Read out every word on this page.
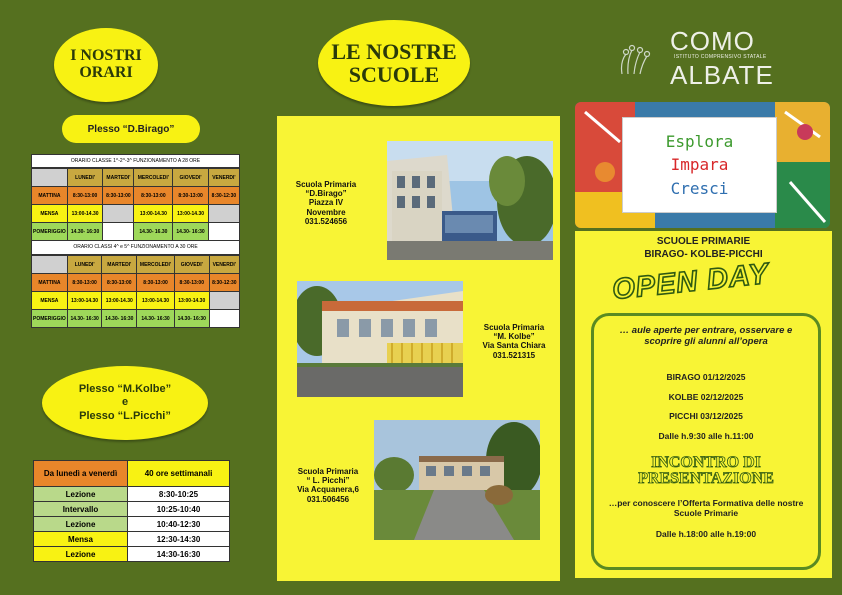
I NOSTRI
ORARI
Plesso “D.Birago”
ORARIO CLASSE 1^-2^-3^ FUNZIONAMENTO A 28 ORE
	LUNEDI'	MARTEDI'	MERCOLEDI'	GIOVEDI'	VENERDI'
MATTINA	8:30-13:00	8:30-13:00	8:30-13:00	8:30-13:00	8:30-12:30
MENSA	13:00-14.30		13:00-14.30	13:00-14.30	
POMERIGGIO	14.30- 16:30		14.30- 16.30	14.30- 16:30	
ORARIO CLASSI 4^ e 5^ FUNZIONAMENTO A 30 ORE
	LUNEDI'	MARTEDI'	MERCOLEDI'	GIOVEDI'	VENERDI'
MATTINA	8:30-13:00	8:30-13:00	8:30-13:00	8:30-13:00	8:30-12:30
MENSA	13:00-14.30	13:00-14.30	13:00-14.30	13:00-14.30	
POMERIGGIO	14.30- 16:30	14.30- 16:30	14.30- 16:30	14.30- 16:30	
Plesso “M.Kolbe”
e
Plesso “L.Picchi”
Da lunedì a venerdì	40 ore settimanali
Lezione	8:30-10:25
Intervallo	10:25-10:40
Lezione	10:40-12:30
Mensa	12:30-14:30
Lezione	14:30-16:30
LE NOSTRE
SCUOLE
Scuola Primaria
“D.Birago”
Piazza IV
Novembre
031.524656
Scuola Primaria
“M. Kolbe”
Via Santa Chiara
031.521315
Scuola Primaria
“ L. Picchi”
Via Acquanera,6
031.506456
COMO
ISTITUTO COMPRENSIVO STATALE
ALBATE
Esplora
Impara
Cresci
SCUOLE PRIMARIE
BIRAGO- KOLBE-PICCHI
OPEN DAY
… aule aperte per entrare, osservare e scoprire gli alunni all’opera
BIRAGO 01/12/2025
KOLBE 02/12/2025
PICCHI 03/12/2025
Dalle h.9:30 alle h.11:00
INCONTRO DI
PRESENTAZIONE
…per conoscere l’Offerta Formativa delle nostre Scuole Primarie
Dalle h.18:00 alle h.19:00
